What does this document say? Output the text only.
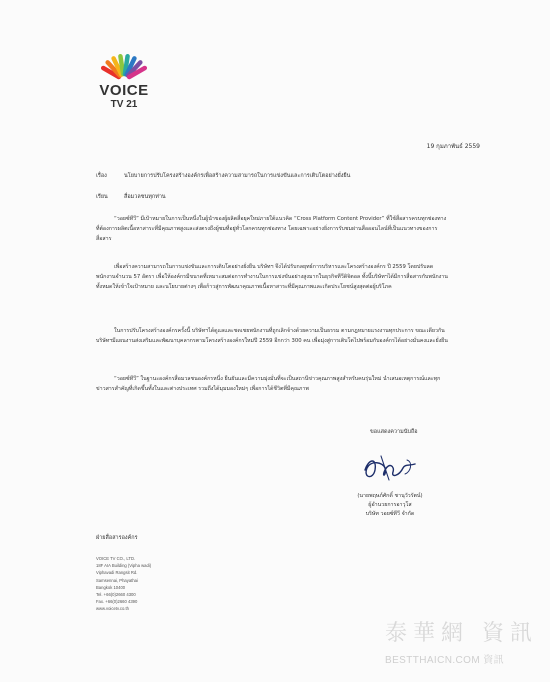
VOICE
TV 21
19 กุมภาพันธ์ 2559
เรื่อง	นโยบายการปรับโครงสร้างองค์กรเพื่อสร้างความสามารถในการแข่งขันและการเติบโตอย่างยั่งยืน
เรียน	สื่อมวลชนทุกท่าน

“วอยซ์ทีวี” มีเป้าหมายในการเป็นหนึ่งในผู้นำของผู้ผลิตสื่อยุคใหม่ภายใต้แนวคิด “Cross Platform Content Provider” ที่ใช้สื่อสารครบทุกช่องทาง ที่ต้องการผลิตเนื้อหาสาระที่มีคุณภาพสูงและส่งตรงถึงผู้ชมที่อยู่ทั่วโลกครบทุกช่องทาง โดยเฉพาะอย่างยิ่งการรับชมผ่านสื่อออนไลน์ที่เป็นแนวทางของการสื่อสาร

เพื่อสร้างความสามารถในการแข่งขันและการเติบโตอย่างยั่งยืน บริษัทฯ จึงได้ปรับกลยุทธ์การบริหารและโครงสร้างองค์กร ปี 2559 โดยปรับลดพนักงานจำนวน 57 อัตรา เพื่อให้องค์กรมีขนาดที่เหมาะสมต่อการทำงานในการแข่งขันอย่างสูงมากในธุรกิจทีวีดิจิตอล ทั้งนี้บริษัทฯได้มีการสื่อสารกับพนักงานทั้งหมดให้เข้าใจเป้าหมาย และนโยบายต่างๆ เพื่อก้าวสู่การพัฒนาคุณภาพเนื้อหาสาระที่มีคุณภาพและเกิดประโยชน์สูงสุดต่อผู้บริโภค

ในการปรับโครงสร้างองค์กรครั้งนี้ บริษัทฯได้ดูแลและชดเชยพนักงานที่ถูกเลิกจ้างด้วยความเป็นธรรม ตามกฎหมายแรงงานทุกประการ ขณะเดียวกันบริษัทฯมีแผนงานส่งเสริมและพัฒนาบุคลากรตามโครงสร้างองค์กรใหม่ปี 2559 อีกกว่า 300 คน เพื่อมุ่งสู่การเติบโตไปพร้อมกับองค์กรได้อย่างมั่นคงและยั่งยืน

“วอยซ์ทีวี” ในฐานะองค์กรสื่อมวลชนองค์กรหนึ่ง ยืนยันและมีความมุ่งมั่นที่จะเป็นสถานีข่าวคุณภาพสูงสำหรับคนรุ่นใหม่ นำเสนอเหตุการณ์และทุกข่าวสารสำคัญที่เกิดขึ้นทั้งในและต่างประเทศ รวมถึงได้มุมมองใหม่ๆ เพื่อการได้ชีวิตที่มีคุณภาพ

ขอแสดงความนับถือ
(นายพฤษภ์ศักดิ์ ชานุวัวรัตน์)
ผู้อำนวยการอาวุโส
บริษัท วอยซ์ทีวี จำกัด
ฝ่ายสื่อสารองค์กร
VOICE TV CO., LTD.
18F AIA Building (Vipha wadi)
Viphavadi Rangsit Rd.
Samsennai, Phayathai
Bangkok 10400
Tel. +66(0)2660 4300
Fax. +66(0)2660 4390
www.voicetv.co.th
泰華網 資訊
BESTTHAICN.COM 資訊
